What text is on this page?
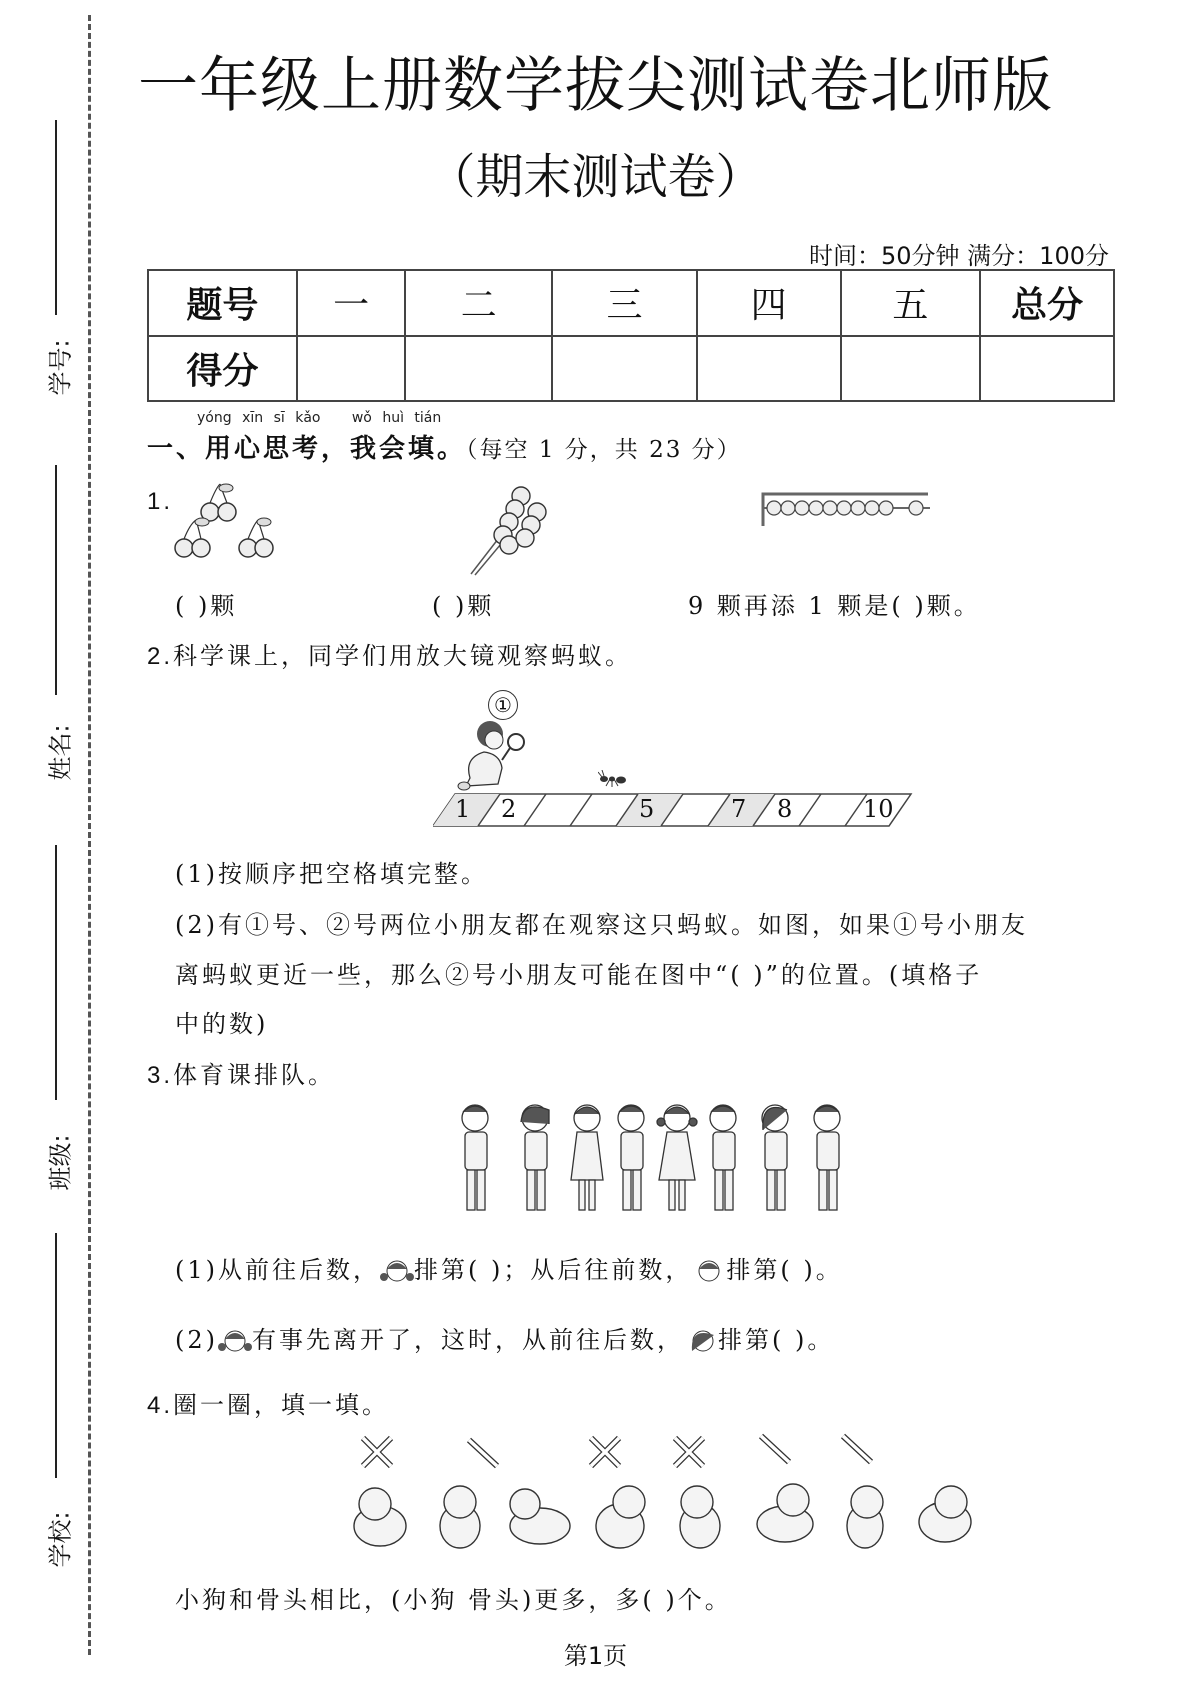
学号:
姓名:
班级:
学校:
一年级上册数学拔尖测试卷北师版
（期末测试卷）
时间：50分钟 满分：100分
题号	一	二	三	四	五	总分
得分						
yóng xīn sī kǎo wǒ huì tián
一、用心思考，我会填。（每空 1 分，共 23 分）
1.
( )颗	( )颗	9 颗再添 1 颗是( )颗。
2.科学课上，同学们用放大镜观察蚂蚁。
①
1 2	5	7 8	10
(1)按顺序把空格填完整。
(2)有①号、②号两位小朋友都在观察这只蚂蚁。如图，如果①号小朋友
离蚂蚁更近一些，那么②号小朋友可能在图中“( )”的位置。(填格子
中的数)
3.体育课排队。
(1)从前往后数， 排第( )；从后往前数， 排第( )。
(2) 有事先离开了，这时，从前往后数， 排第( )。
4.圈一圈，填一填。
小狗和骨头相比，(小狗 骨头)更多，多( )个。
第1页
